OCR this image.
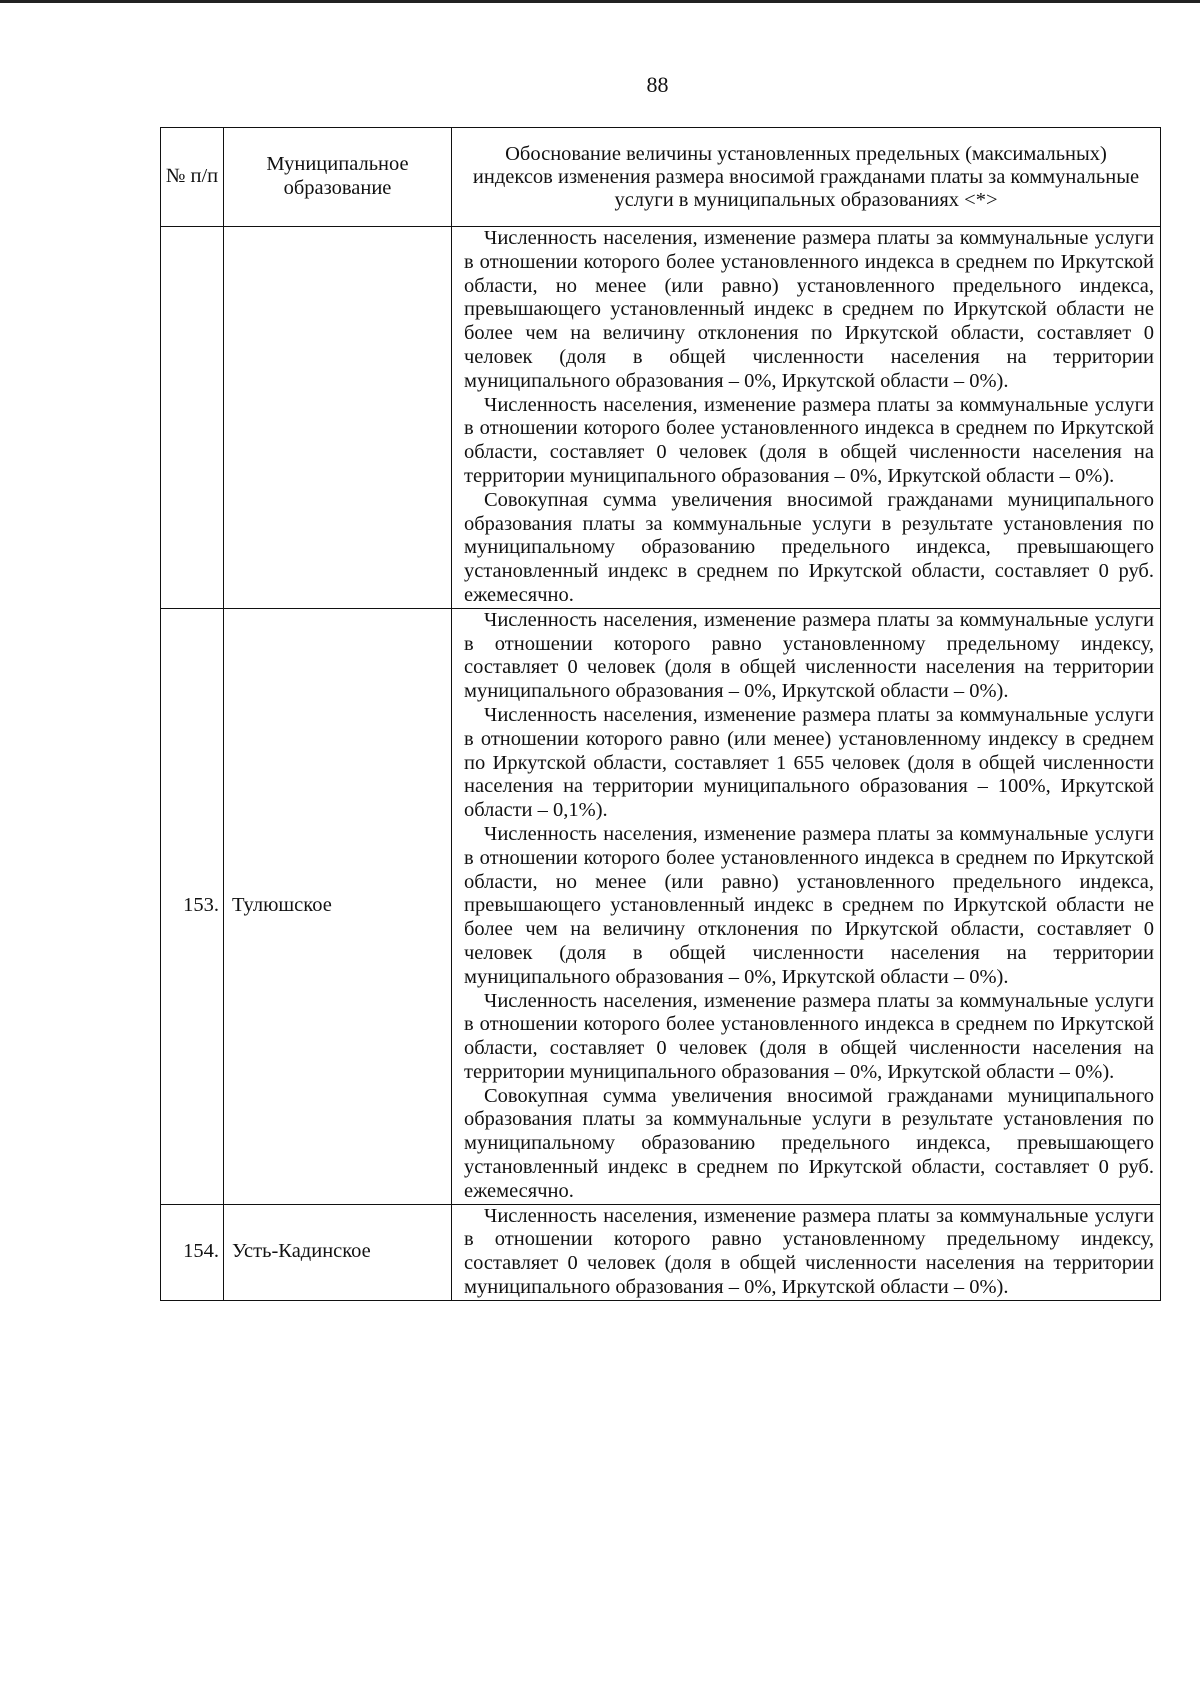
88
№ п/п	Муниципальное образование	Обоснование величины установленных предельных (максимальных) индексов изменения размера вносимой гражданами платы за коммунальные услуги в муниципальных образованиях <*>

		Численность населения, изменение размера платы за коммунальные услуги в отношении которого более установленного индекса в среднем по Иркутской области, но менее (или равно) установленного предельного индекса, превышающего установленный индекс в среднем по Иркутской области не более чем на величину отклонения по Иркутской области, составляет 0 человек (доля в общей численности населения на территории муниципального образования – 0%, Иркутской области – 0%).

Численность населения, изменение размера платы за коммунальные услуги в отношении которого более установленного индекса в среднем по Иркутской области, составляет 0 человек (доля в общей численности населения на территории муниципального образования – 0%, Иркутской области – 0%).

Совокупная сумма увеличения вносимой гражданами муниципального образования платы за коммунальные услуги в результате установления по муниципальному образованию предельного индекса, превышающего установленный индекс в среднем по Иркутской области, составляет 0 руб. ежемесячно.

153.	Тулюшское	Численность населения, изменение размера платы за коммунальные услуги в отношении которого равно установленному предельному индексу, составляет 0 человек (доля в общей численности населения на территории муниципального образования – 0%, Иркутской области – 0%).

Численность населения, изменение размера платы за коммунальные услуги в отношении которого равно (или менее) установленному индексу в среднем по Иркутской области, составляет 1 655 человек (доля в общей численности населения на территории муниципального образования – 100%, Иркутской области – 0,1%).

Численность населения, изменение размера платы за коммунальные услуги в отношении которого более установленного индекса в среднем по Иркутской области, но менее (или равно) установленного предельного индекса, превышающего установленный индекс в среднем по Иркутской области не более чем на величину отклонения по Иркутской области, составляет 0 человек (доля в общей численности населения на территории муниципального образования – 0%, Иркутской области – 0%).

Численность населения, изменение размера платы за коммунальные услуги в отношении которого более установленного индекса в среднем по Иркутской области, составляет 0 человек (доля в общей численности населения на территории муниципального образования – 0%, Иркутской области – 0%).

Совокупная сумма увеличения вносимой гражданами муниципального образования платы за коммунальные услуги в результате установления по муниципальному образованию предельного индекса, превышающего установленный индекс в среднем по Иркутской области, составляет 0 руб. ежемесячно.

154.	Усть-Кадинское	Численность населения, изменение размера платы за коммунальные услуги в отношении которого равно установленному предельному индексу, составляет 0 человек (доля в общей численности населения на территории муниципального образования – 0%, Иркутской области – 0%).
